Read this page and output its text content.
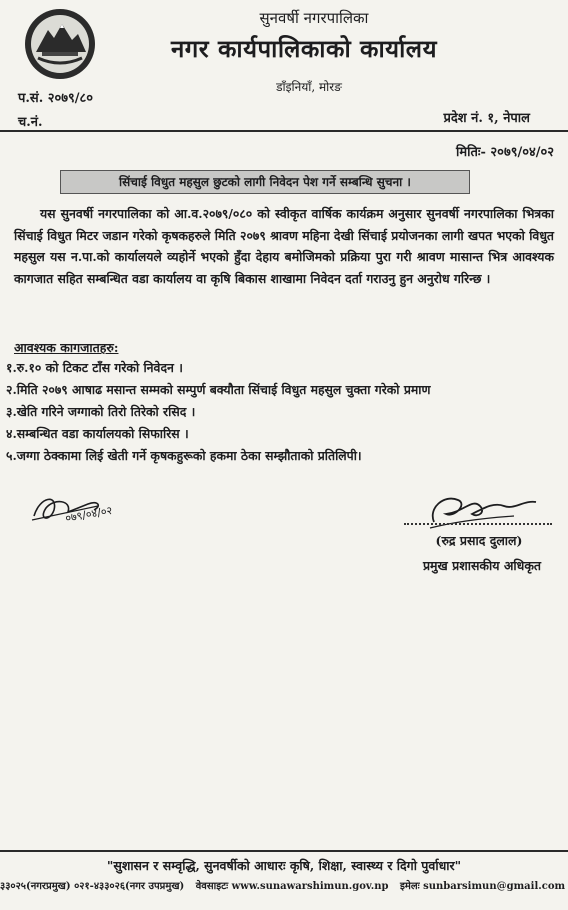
सुनवर्षी नगरपालिका
नगर कार्यपालिकाको कार्यालय
डाँइनियाँ, मोरङ
प.सं. २०७९/८०
च.नं.	प्रदेश नं. १, नेपाल
मितिः- २०७९/०४/०२
सिंचाई विधुत महसुल छुटको लागी निवेदन पेश गर्ने सम्बन्धि सुचना ।
यस सुनवर्षी नगरपालिका को आ.व.२०७९/०८० को स्वीकृत वार्षिक कार्यक्रम अनुसार सुनवर्षी नगरपालिका भित्रका सिंचाई विधुत मिटर जडान गरेको कृषकहरुले मिति २०७९ श्रावण महिना देखी सिंचाई प्रयोजनका लागी खपत भएको विधुत महसुल यस न.पा.को कार्यालयले व्यहोर्ने भएको हुँदा देहाय बमोजिमको प्रक्रिया पुरा गरी श्रावण मासान्त भित्र आवश्यक कागजात सहित सम्बन्धित वडा कार्यालय वा कृषि बिकास शाखामा निवेदन दर्ता गराउनु हुन अनुरोध गरिन्छ ।
आवश्यक कागजातहरु:
१.रु.१० को टिकट टाँस गरेको निवेदन ।
२.मिति २०७९ आषाढ मसान्त सम्मको सम्पुर्ण बक्यौता सिंचाई विधुत महसुल चुक्ता गरेको प्रमाण
३.खेति गरिने जग्गाको तिरो तिरेको रसिद ।
४.सम्बन्धित वडा कार्यालयको सिफारिस ।
५.जग्गा ठेक्कामा लिई खेती गर्ने कृषकहुरूको हकमा ठेका सम्झौताको प्रतिलिपी।
०७९/०४/०२
(रुद्र प्रसाद दुलाल)
प्रमुख प्रशासकीय अधिकृत
"सुशासन र सम्वृद्धि, सुनवर्षीको आधारः कृषि, शिक्षा, स्वास्थ्य र दिगो पुर्वाधार"
३३०२५(नगरप्रमुख) ०२१-४३३०२६(नगर उपप्रमुख) वेवसाइटः www.sunawarshimun.gov.np इमेलः sunbarsimun@gmail.com
